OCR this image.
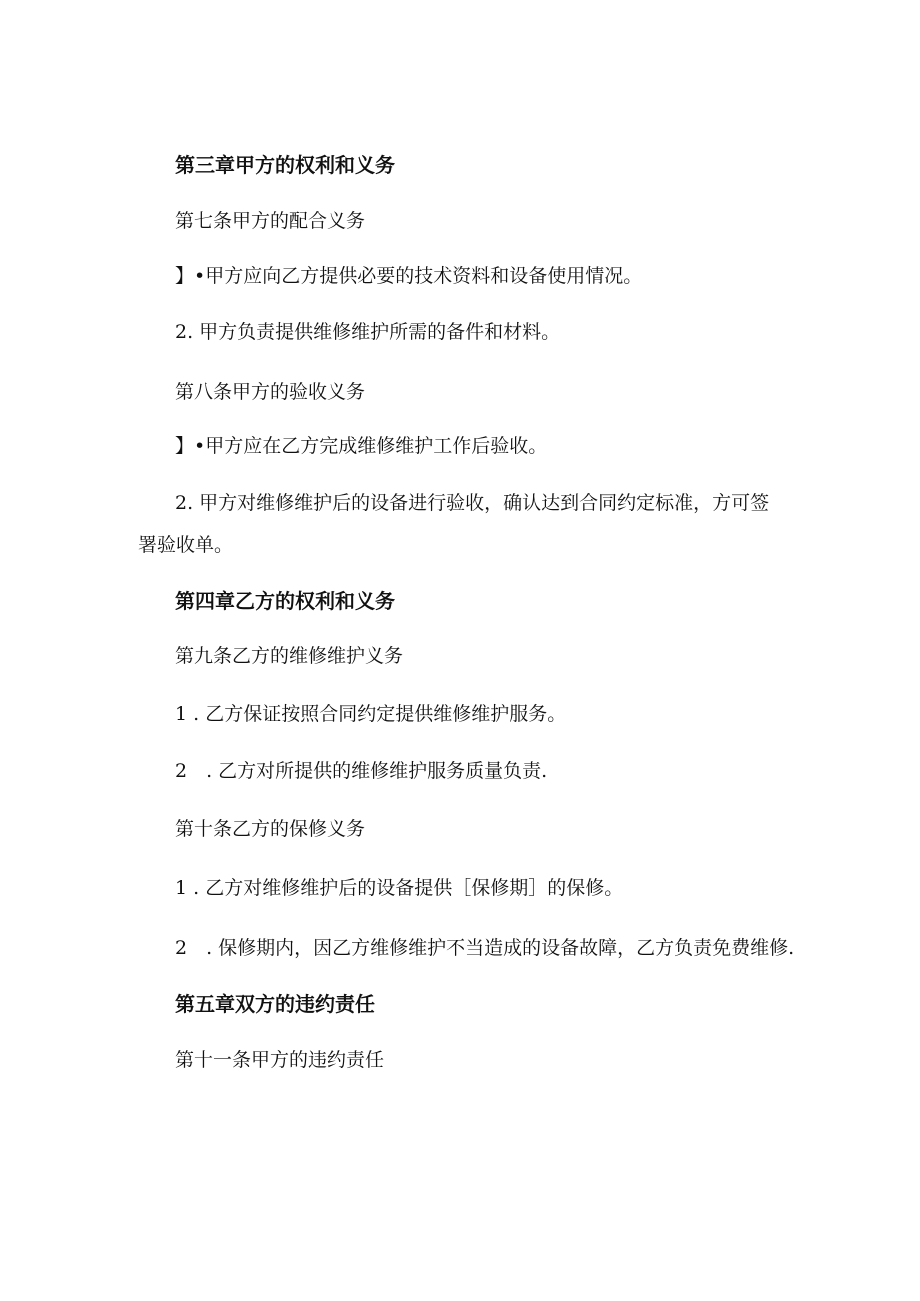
第三章甲方的权利和义务
第七条甲方的配合义务
】•甲方应向乙方提供必要的技术资料和设备使用情况。
2. 甲方负责提供维修维护所需的备件和材料。
第八条甲方的验收义务
】•甲方应在乙方完成维修维护工作后验收。
2. 甲方对维修维护后的设备进行验收，确认达到合同约定标准，方可签署验收单。
第四章乙方的权利和义务
第九条乙方的维修维护义务
1 . 乙方保证按照合同约定提供维修维护服务。
2　. 乙方对所提供的维修维护服务质量负责.
第十条乙方的保修义务
1 . 乙方对维修维护后的设备提供［保修期］的保修。
2　. 保修期内，因乙方维修维护不当造成的设备故障，乙方负责免费维修.
第五章双方的违约责任
第十一条甲方的违约责任
